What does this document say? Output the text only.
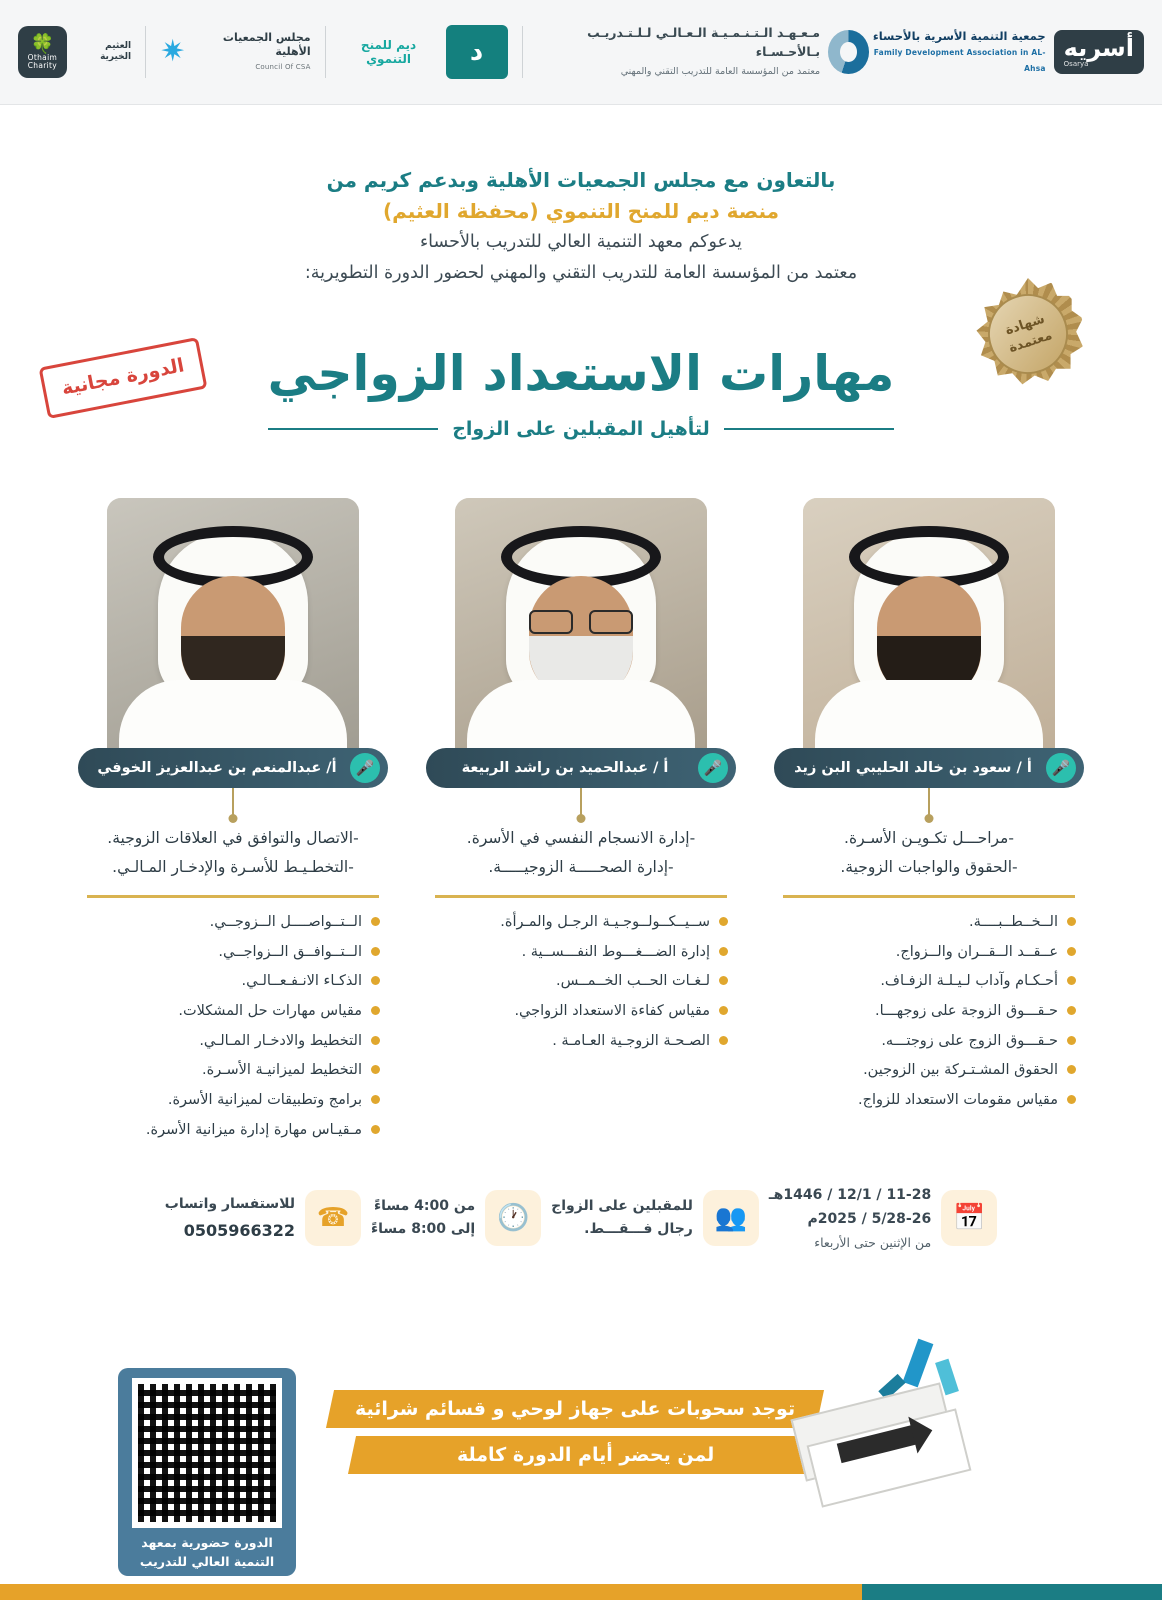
🍀
Othaim Charity
العثيم الخيرية ✷	مجلس الجمعيات الأهلية
Council Of CSA
ديم للمنح التنموي	د
مـعـهـد الـتـنـمـيـة الـعـالـي لـلـتـدريـب بـالأحـسـاء
معتمد من المؤسسة العامة للتدريب التقني والمهني
جمعية التنمية الأسرية بالأحساء
Family Development Association in AL-Ahsa
أسريه
Osarya
بالتعاون مع مجلس الجمعيات الأهلية وبدعم كريم من
منصة ديم للمنح التنموي (محفظة العثيم)
يدعوكم معهد التنمية العالي للتدريب بالأحساء
معتمد من المؤسسة العامة للتدريب التقني والمهني لحضور الدورة التطويرية:
شهادة معتمدة
الدورة مجانية	مهارات الاستعداد الزواجي
لتأهيل المقبلين على الزواج
🎤
أ / سعود بن خالد الحليبي البن زيد
-مراحـــل تكـويـن الأسـرة.
-الحقوق والواجبات الزوجية.
الــخــطــبــــة.
عــقــد الــقــران والــزواج.
أحـكـام وآداب لـيـلـة الزفـاف.
حـقـــوق الزوجة على زوجهـــا.
حـقـــوق الزوج على زوجتـــه.
الحقوق المشـتـركة بين الزوجين.
مقياس مقومات الاستعداد للزواج.
🎤
أ / عبدالحميد بن راشد الربيعة
-إدارة الانسجام النفسي في الأسرة.
-إدارة الصحـــــة الزوجيـــــة.
ســيــكــولــوجـيـة الرجـل والمـرأة.
إدارة الضـــغـــوط النفـــســية .
لـغـات الحــب الخــمــس.
مقياس كفاءة الاستعداد الزواجي.
الصـحـة الزوجـية العـامـة .
🎤
أ/ عبدالمنعم بن عبدالعزيز الخوفي
-الاتصال والتوافق في العلاقات الزوجية.
-التخطـيـط للأسـرة والإدخـار المـالـي.
الــتــواصــــل الــزوجــي.
الــتــوافــق الــزواجــي.
الذكـاء الانـفـعــالـي.
مقياس مهارات حل المشكلات.
التخطيط والادخـار المـالـي.
التخطيط لميزانيـة الأسـرة.
برامج وتطبيقات لميزانية الأسرة.
مـقيـاس مهارة إدارة ميزانية الأسرة.
📅
11-28 / 12/1 / 1446هـ
5/28-26 / 2025م
من الإثنين حتى الأربعاء
👥
للمقبلين على الزواج
رجال فـــقـــط.
🕐
من 4:00 مساءً
إلى 8:00 مساءً
☎
للاستفسار واتساب
0505966322
الدورة حضورية بمعهد
التنمية العالي للتدريب
توجد سحوبات على جهاز لوحي و قسائم شرائية
لمن يحضر أيام الدورة كاملة
